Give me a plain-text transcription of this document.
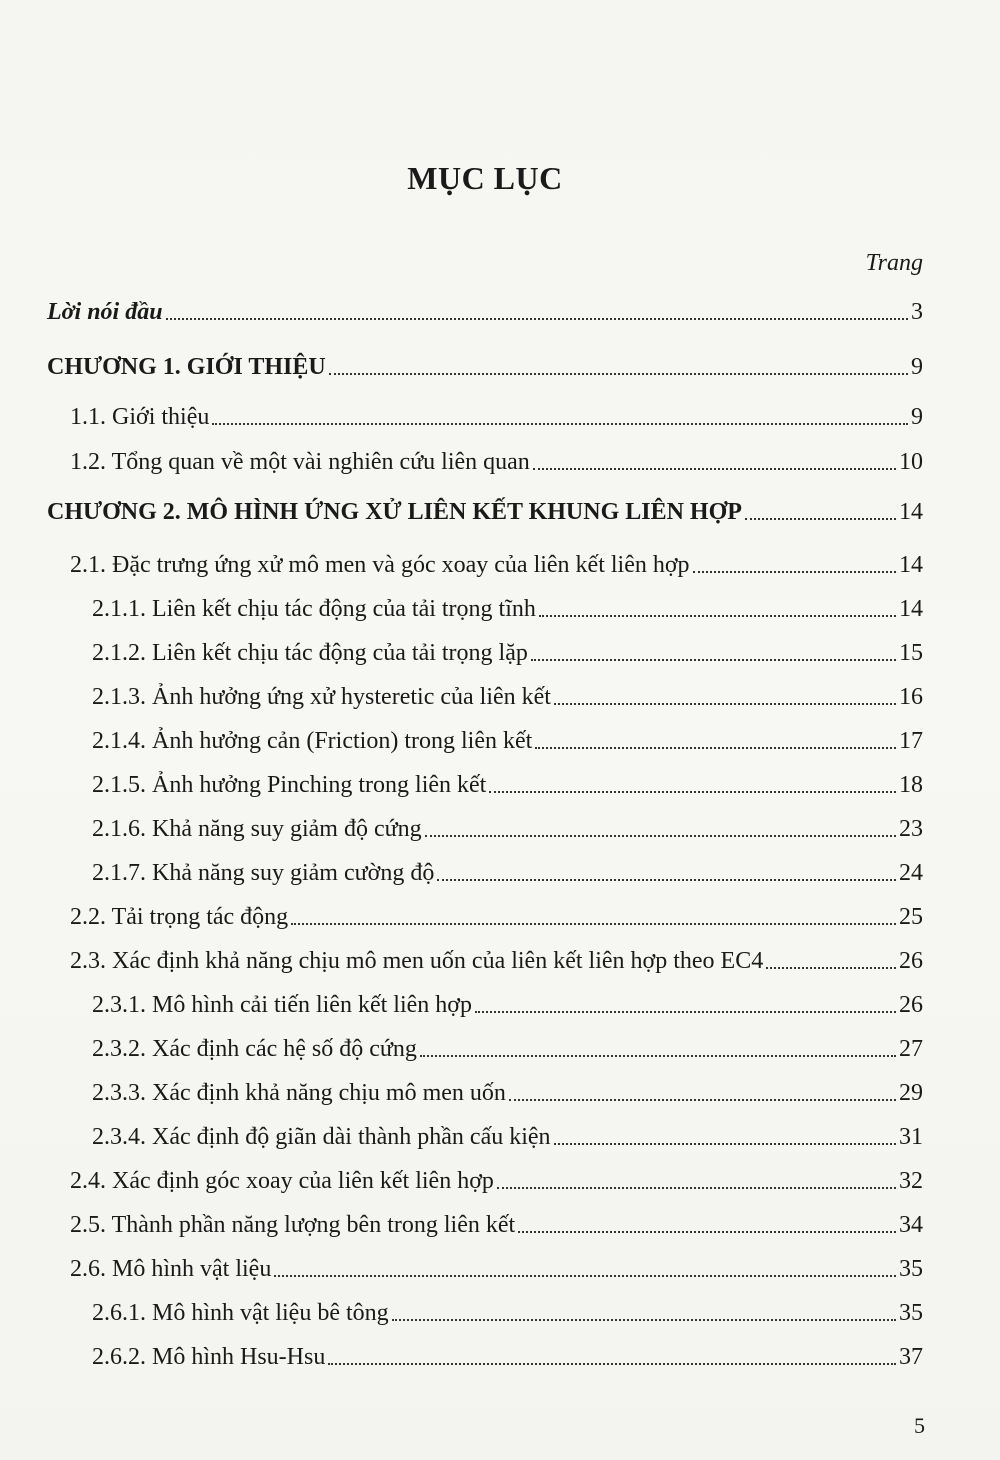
MỤC LỤC
Trang
Lời nói đầu	3
CHƯƠNG 1. GIỚI THIỆU	9
1.1. Giới thiệu	9
1.2. Tổng quan về một vài nghiên cứu liên quan	10
CHƯƠNG 2. MÔ HÌNH ỨNG XỬ LIÊN KẾT KHUNG LIÊN HỢP	14
2.1. Đặc trưng ứng xử mô men và góc xoay của liên kết liên hợp	14
2.1.1. Liên kết chịu tác động của tải trọng tĩnh	14
2.1.2. Liên kết chịu tác động của tải trọng lặp	15
2.1.3. Ảnh hưởng ứng xử hysteretic của liên kết	16
2.1.4. Ảnh hưởng cản (Friction) trong liên kết	17
2.1.5. Ảnh hưởng Pinching trong liên kết	18
2.1.6. Khả năng suy giảm độ cứng	23
2.1.7. Khả năng suy giảm cường độ	24
2.2. Tải trọng tác động	25
2.3. Xác định khả năng chịu mô men uốn của liên kết liên hợp theo EC4	26
2.3.1. Mô hình cải tiến liên kết liên hợp	26
2.3.2. Xác định các hệ số độ cứng	27
2.3.3. Xác định khả năng chịu mô men uốn	29
2.3.4. Xác định độ giãn dài thành phần cấu kiện	31
2.4. Xác định góc xoay của liên kết liên hợp	32
2.5. Thành phần năng lượng bên trong liên kết	34
2.6. Mô hình vật liệu	35
2.6.1. Mô hình vật liệu bê tông	35
2.6.2. Mô hình Hsu-Hsu	37
5
